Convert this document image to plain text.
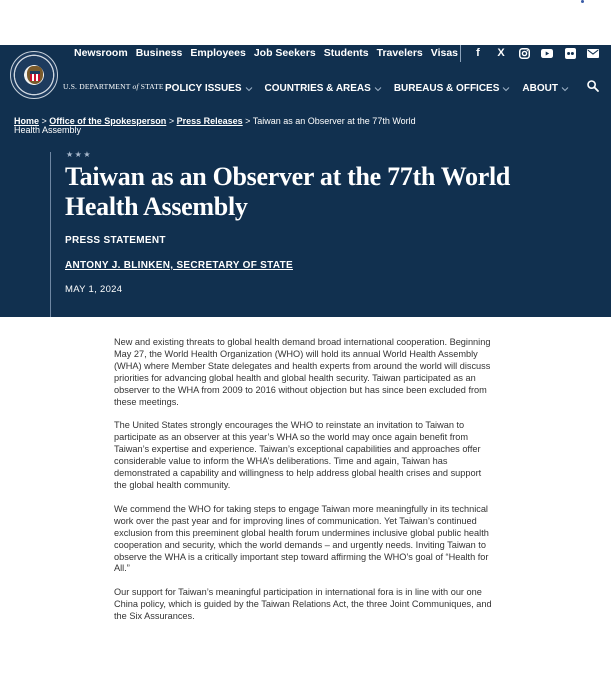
U.S. DEPARTMENT of STATE
Newsroom Business Employees Job Seekers Students Travelers Visas	f	X
POLICY ISSUES COUNTRIES & AREAS BUREAUS & OFFICES ABOUT
Home > Office of the Spokesperson > Press Releases > Taiwan as an Observer at the 77th World Health Assembly
★★★
Taiwan as an Observer at the 77th World Health Assembly
PRESS STATEMENT
ANTONY J. BLINKEN, SECRETARY OF STATE
MAY 1, 2024

New and existing threats to global health demand broad international cooperation. Beginning May 27, the World Health Organization (WHO) will hold its annual World Health Assembly (WHA) where Member State delegates and health experts from around the world will discuss priorities for advancing global health and global health security. Taiwan participated as an observer to the WHA from 2009 to 2016 without objection but has since been excluded from these meetings.

The United States strongly encourages the WHO to reinstate an invitation to Taiwan to participate as an observer at this year’s WHA so the world may once again benefit from Taiwan’s expertise and experience. Taiwan’s exceptional capabilities and approaches offer considerable value to inform the WHA’s deliberations. Time and again, Taiwan has demonstrated a capability and willingness to help address global health crises and support the global health community.

We commend the WHO for taking steps to engage Taiwan more meaningfully in its technical work over the past year and for improving lines of communication. Yet Taiwan’s continued exclusion from this preeminent global health forum undermines inclusive global public health cooperation and security, which the world demands – and urgently needs. Inviting Taiwan to observe the WHA is a critically important step toward affirming the WHO’s goal of “Health for All.”

Our support for Taiwan’s meaningful participation in international fora is in line with our one China policy, which is guided by the Taiwan Relations Act, the three Joint Communiques, and the Six Assurances.
